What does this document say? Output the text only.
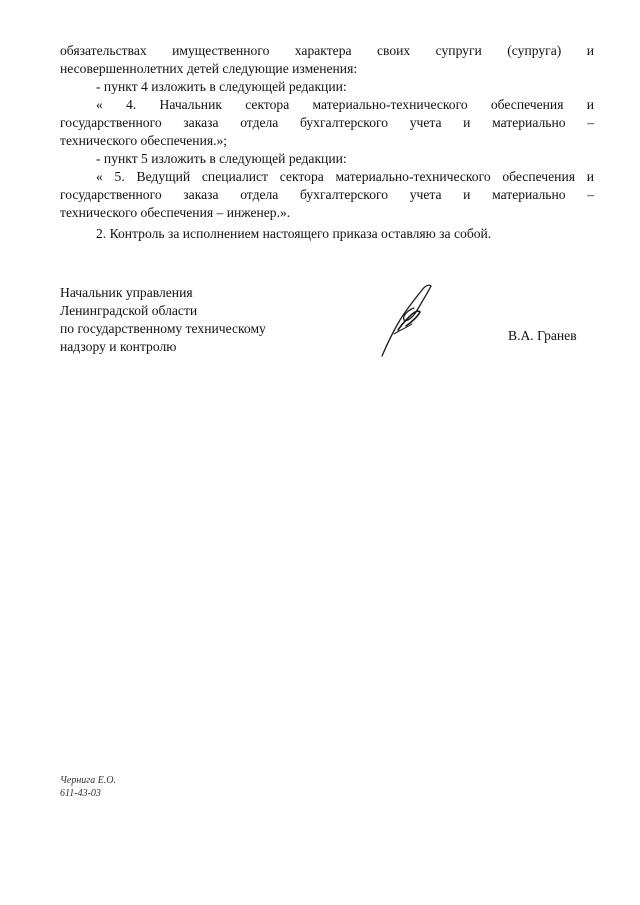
обязательствах имущественного характера своих супруги (супруга) и
несовершеннолетних детей следующие изменения:
- пункт 4 изложить в следующей редакции:
« 4. Начальник сектора материально-технического обеспечения и
государственного заказа отдела бухгалтерского учета и материально –
технического обеспечения.»;
- пункт 5 изложить в следующей редакции:
« 5. Ведущий специалист сектора материально-технического обеспечения и
государственного заказа отдела бухгалтерского учета и материально –
технического обеспечения – инженер.».
2. Контроль за исполнением настоящего приказа оставляю за собой.
Начальник управления
Ленинградской области
по государственному техническому
надзору и контролю
В.А. Гранев
Чернига Е.О.
611-43-03
